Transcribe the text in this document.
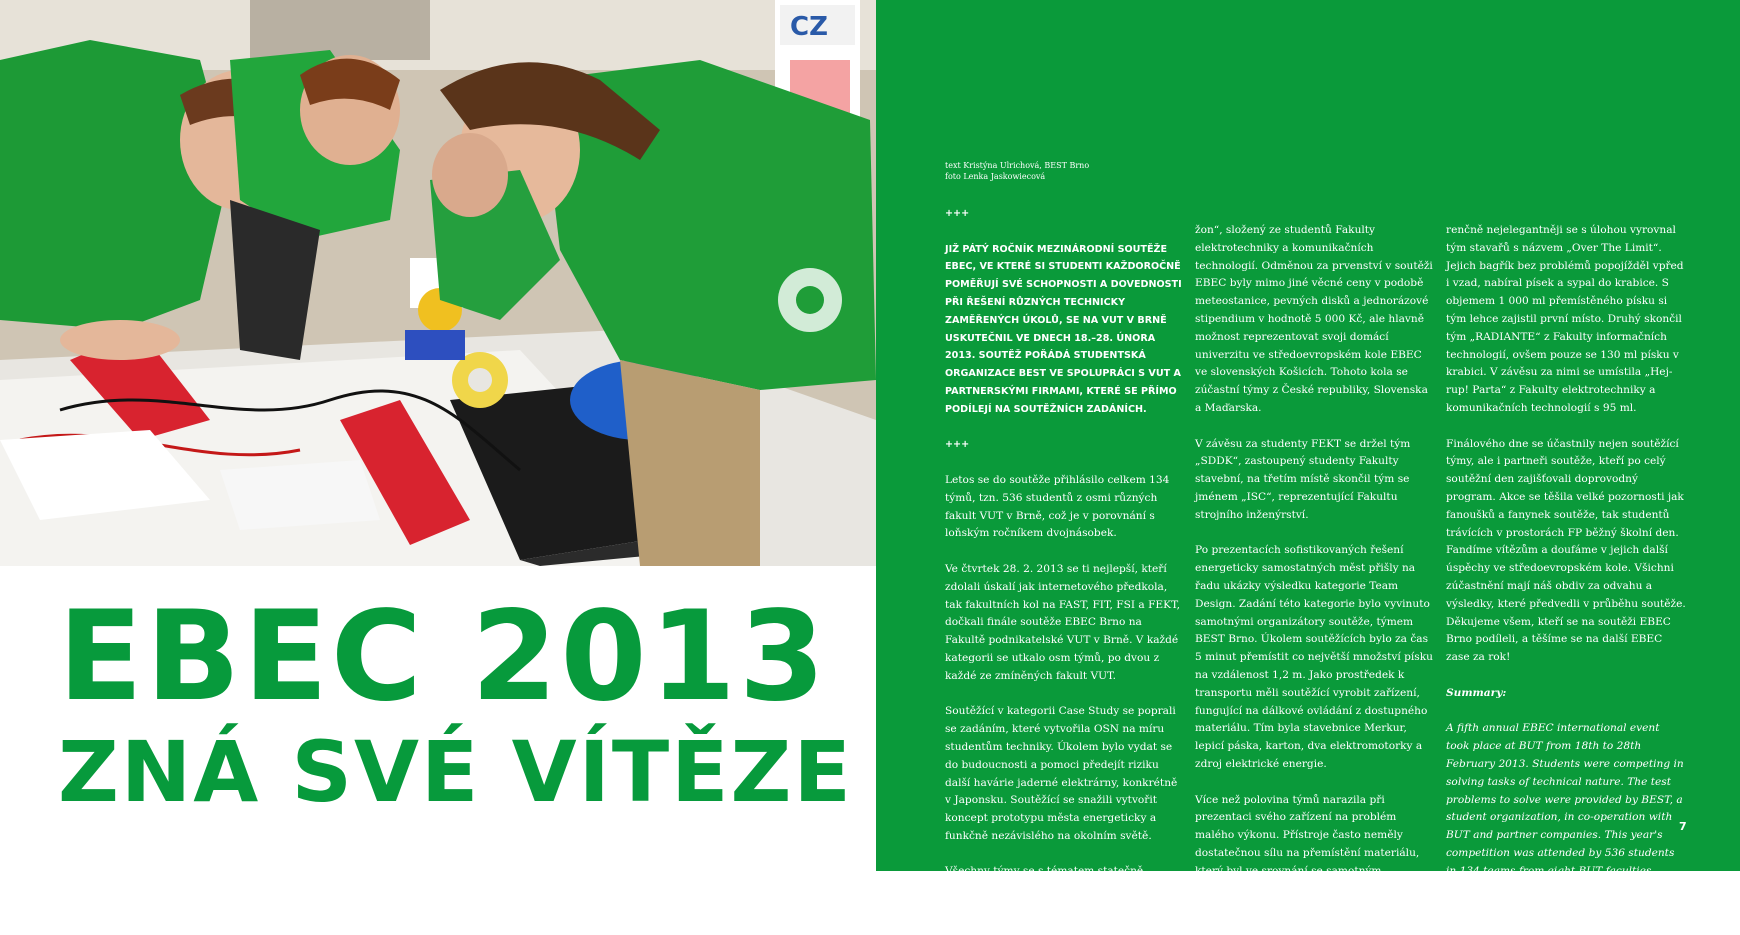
CZ
EBEC 2013
ZNÁ SVÉ VÍTĚZE
text Kristýna Ulrichová, BEST Brno
foto Lenka Jaskowiecová

+++

JIŽ PÁTÝ ROČNÍK MEZINÁRODNÍ SOUTĚŽE EBEC, VE KTERÉ SI STUDENTI KAŽDOROČNĚ POMĚŘUJÍ SVÉ SCHOPNOSTI A DOVEDNOSTI PŘI ŘEŠENÍ RŮZNÝCH TECHNICKY ZAMĚŘENÝCH ÚKOLŮ, SE NA VUT V BRNĚ USKUTEČNIL VE DNECH 18.–28. ÚNORA 2013. SOUTĚŽ POŘÁDÁ STUDENTSKÁ ORGANIZACE BEST VE SPOLUPRÁCI S VUT A PARTNERSKÝMI FIRMAMI, KTERÉ SE PŘÍMO PODÍLEJÍ NA SOUTĚŽNÍCH ZADÁNÍCH.

+++

Letos se do soutěže přihlásilo celkem 134 týmů, tzn. 536 studentů z osmi různých fakult VUT v Brně, což je v porovnání s loňským ročníkem dvojnásobek.

Ve čtvrtek 28. 2. 2013 se ti nejlepší, kteří zdolali úskalí jak internetového předkola, tak fakultních kol na FAST, FIT, FSI a FEKT, dočkali finále soutěže EBEC Brno na Fakultě podnikatelské VUT v Brně. V každé kategorii se utkalo osm týmů, po dvou z každé ze zmíněných fakult VUT.

Soutěžící v kategorii Case Study se poprali se zadáním, které vytvořila OSN na míru studentům techniky. Úkolem bylo vydat se do budoucnosti a pomoci předejít riziku další havárie jaderné elektrárny, konkrétně v Japonsku. Soutěžící se snažili vytvořit koncept prototypu města energeticky a funkčně nezávislého na okolním světě.

Všechny týmy se s tématem statečně vyrovnaly. Nejlepší ohlas poroty si získal tým „Džon Demi-

žon“, složený ze studentů Fakulty elektrotechniky a komunikačních technologií. Odměnou za prvenství v soutěži EBEC byly mimo jiné věcné ceny v podobě meteostanice, pevných disků a jednorázové stipendium v hodnotě 5 000 Kč, ale hlavně možnost reprezentovat svoji domácí univerzitu ve středoevropském kole EBEC ve slovenských Košicích. Tohoto kola se zúčastní týmy z České republiky, Slovenska a Maďarska.

V závěsu za studenty FEKT se držel tým „SDDK“, zastoupený studenty Fakulty stavební, na třetím místě skončil tým se jménem „ISC“, reprezentující Fakultu strojního inženýrství.

Po prezentacích sofistikovaných řešení energeticky samostatných měst přišly na řadu ukázky výsledku kategorie Team Design. Zadání této kategorie bylo vyvinuto samotnými organizátory soutěže, týmem BEST Brno. Úkolem soutěžících bylo za čas 5 minut přemístit co největší množství písku na vzdálenost 1,2 m. Jako prostředek k transportu měli soutěžící vyrobit zařízení, fungující na dálkové ovládání z dostupného materiálu. Tím byla stavebnice Merkur, lepicí páska, karton, dva elektromotorky a zdroj elektrické energie.

Více než polovina týmů narazila při prezentaci svého zařízení na problém malého výkonu. Přístroje často neměly dostatečnou sílu na přemístění materiálu, který byl ve srovnání se samotným zařízením příliš těžký. Bezkonku-

renčně nejelegantněji se s úlohou vyrovnal tým stavařů s názvem „Over The Limit“. Jejich bagřík bez problémů popojížděl vpřed i vzad, nabíral písek a sypal do krabice. S objemem 1 000 ml přemístěného písku si tým lehce zajistil první místo. Druhý skončil tým „RADIANTE“ z Fakulty informačních technologií, ovšem pouze se 130 ml písku v krabici. V závěsu za nimi se umístila „Hej-rup! Parta“ z Fakulty elektrotechniky a komunikačních technologií s 95 ml.

Finálového dne se účastnily nejen soutěžící týmy, ale i partneři soutěže, kteří po celý soutěžní den zajišťovali doprovodný program. Akce se těšila velké pozornosti jak fanoušků a fanynek soutěže, tak studentů trávících v prostorách FP běžný školní den. Fandíme vítězům a doufáme v jejich další úspěchy ve středoevropském kole. Všichni zúčastnění mají náš obdiv za odvahu a výsledky, které předvedli v průběhu soutěže. Děkujeme všem, kteří se na soutěži EBEC Brno podíleli, a těšíme se na další EBEC zase za rok!

Summary:

A fifth annual EBEC international event took place at BUT from 18th to 28th February 2013. Students were competing in solving tasks of technical nature. The test problems to solve were provided by BEST, a student organization, in co-operation with BUT and partner companies. This year's competition was attended by 536 students in 134 teams from eight BUT faculties, which is twice as many as last year.

7
